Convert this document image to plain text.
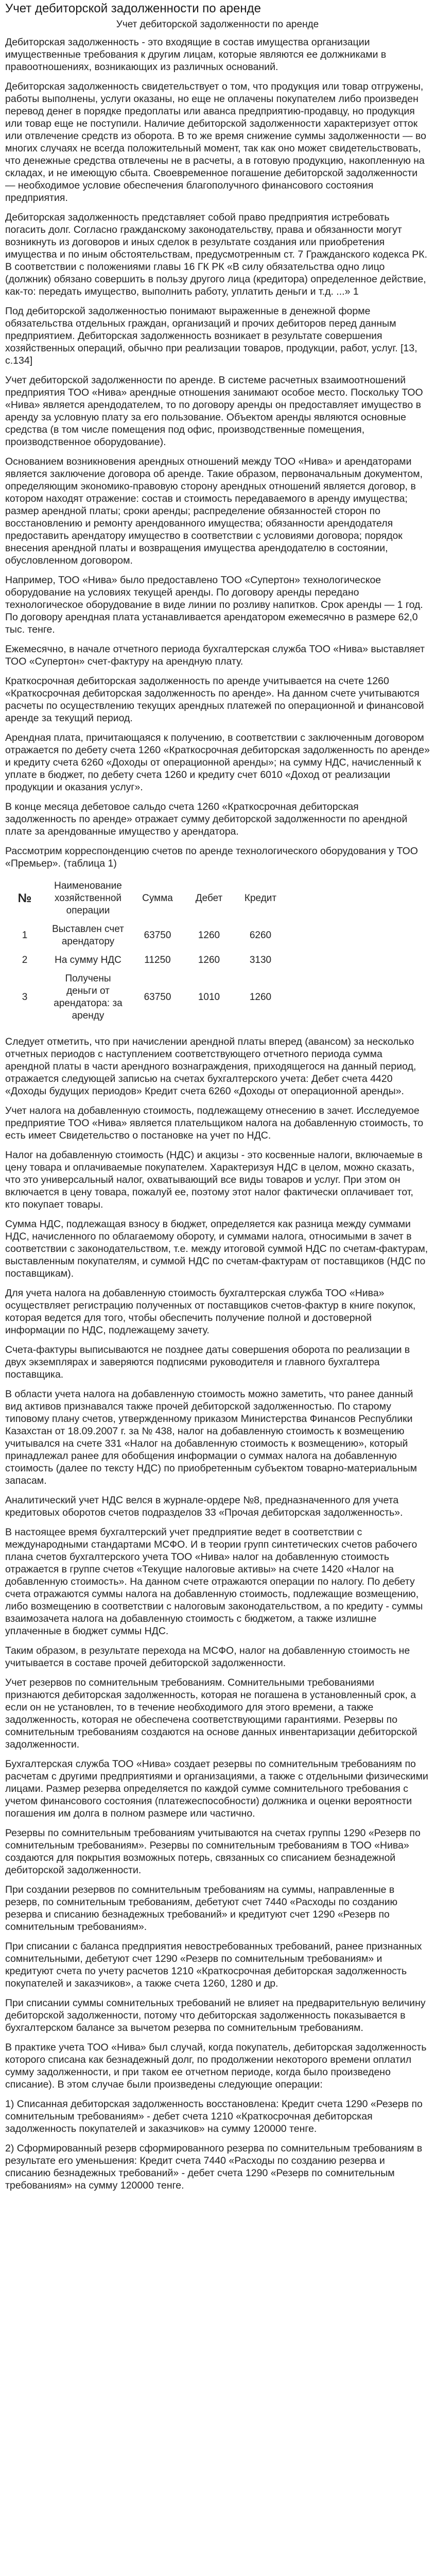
Учет дебиторской задолженности по аренде

Учет дебиторской задолженности по аренде

Дебиторская задолженность - это входящие в состав имущества организации имущественные требования к другим лицам, которые являются ее должниками в правоотношениях, возникающих из различных оснований.

Дебиторская задолженность свидетельствует о том, что продукция или товар отгружены, работы выполнены, услуги оказаны, но еще не оплачены покупателем либо произведен перевод денег в порядке предоплаты или аванса предприятию-продавцу, но продукция или товар еще не поступили. Наличие дебиторской задолженности характеризует отток или отвлечение средств из оборота. В то же время снижение суммы задолженности — во многих случаях не всегда положительный момент, так как оно может свидетельствовать, что денежные средства отвлечены не в расчеты, а в готовую продукцию, накопленную на складах, и не имеющую сбыта. Своевременное погашение дебиторской задолженности — необходимое условие обеспечения благополучного финансового состояния предприятия.

Дебиторская задолженность представляет собой право предприятия истребовать погасить долг. Согласно гражданскому законодательству, права и обязанности могут возникнуть из договоров и иных сделок в результате создания или приобретения имущества и по иным обстоятельствам, предусмотренным ст. 7 Гражданского кодекса РК. В соответствии с положениями главы 16 ГК РК «В силу обязательства одно лицо (должник) обязано совершить в пользу другого лица (кредитора) определенное действие, как-то: передать имущество, выполнить работу, уплатить деньги и т.д. ...» 1

Под дебиторской задолженностью понимают выраженные в денежной форме обязательства отдельных граждан, организаций и прочих дебиторов перед данным предприятием. Дебиторская задолженность возникает в результате совершения хозяйственных операций, обычно при реализации товаров, продукции, работ, услуг. [13, с.134]

Учет дебиторской задолженности по аренде. В системе расчетных взаимоотношений предприятия ТОО «Нива» арендные отношения занимают особое место. Поскольку ТОО «Нива» является арендодателем, то по договору аренды он предоставляет имущество в аренду за условную плату за его пользование. Объектом аренды являются основные средства (в том числе помещения под офис, производственные помещения, производственное оборудование).

Основанием возникновения арендных отношений между ТОО «Нива» и арендаторами является заключение договора об аренде. Такие образом, первоначальным документом, определяющим экономико-правовую сторону арендных отношений является договор, в котором находят отражение: состав и стоимость передаваемого в аренду имущества; размер арендной платы; сроки аренды; распределение обязанностей сторон по восстановлению и ремонту арендованного имущества; обязанности арендодателя предоставить арендатору имущество в соответствии с условиями договора; порядок внесения арендной платы и возвращения имущества арендодателю в состоянии, обусловленном договором.

Например, ТОО «Нива» было предоставлено ТОО «Супертон» технологическое оборудование на условиях текущей аренды. По договору аренды передано технологическое оборудование в виде линии по розливу напитков. Срок аренды — 1 год. По договору арендная плата устанавливается арендатором ежемесячно в размере 62,0 тыс. тенге.

Ежемесячно, в начале отчетного периода бухгалтерская служба ТОО «Нива» выставляет ТОО «Супертон» счет-фактуру на арендную плату.

Краткосрочная дебиторская задолженность по аренде учитывается на счете 1260 «Краткосрочная дебиторская задолженность по аренде». На данном счете учитываются расчеты по осуществлению текущих арендных платежей по операционной и финансовой аренде за текущий период.

Арендная плата, причитающаяся к получению, в соответствии с заключенным договором отражается по дебету счета 1260 «Краткосрочная дебиторская задолженность по аренде» и кредиту счета 6260 «Доходы от операционной аренды»; на сумму НДС, начисленный к уплате в бюджет, по дебету счета 1260 и кредиту счет 6010 «Доход от реализации продукции и оказания услуг».

В конце месяца дебетовое сальдо счета 1260 «Краткосрочная дебиторская задолженность по аренде» отражает сумму дебиторской задолженности по арендной плате за арендованные имущество у арендатора.

Рассмотрим корреспонденцию счетов по аренде технологического оборудования у ТОО «Премьер». (таблица 1)

№	Наименование хозяйственной операции	Сумма	Дебет	Кредит
1	Выставлен счет арендатору	63750	1260	6260
2	На сумму НДС	11250	1260	3130
3	Получены деньги от арендатора: за аренду	63750	1010	1260

Следует отметить, что при начислении арендной платы вперед (авансом) за несколько отчетных периодов с наступлением соответствующего отчетного периода сумма арендной платы в части арендного вознаграждения, приходящегося на данный период, отражается следующей записью на счетах бухгалтерского учета: Дебет счета 4420 «Доходы будущих периодов» Кредит счета 6260 «Доходы от операционной аренды».

Учет налога на добавленную стоимость, подлежащему отнесению в зачет. Исследуемое предприятие ТОО «Нива» является плательщиком налога на добавленную стоимость, то есть имеет Свидетельство о постановке на учет по НДС.

Налог на добавленную стоимость (НДС) и акцизы - это косвенные налоги, включаемые в цену товара и оплачиваемые покупателем. Характеризуя НДС в целом, можно сказать, что это универсальный налог, охватывающий все виды товаров и услуг. При этом он включается в цену товара, пожалуй ее, поэтому этот налог фактически оплачивает тот, кто покупает товары.

Сумма НДС, подлежащая взносу в бюджет, определяется как разница между суммами НДС, начисленного по облагаемому обороту, и суммами налога, относимыми в зачет в соответствии с законодательством, т.е. между итоговой суммой НДС по счетам-фактурам, выставленным покупателям, и суммой НДС по счетам-фактурам от поставщиков (НДС по поставщикам).

Для учета налога на добавленную стоимость бухгалтерская служба ТОО «Нива» осуществляет регистрацию полученных от поставщиков счетов-фактур в книге покупок, которая ведется для того, чтобы обеспечить получение полной и достоверной информации по НДС, подлежащему зачету.

Счета-фактуры выписываются не позднее даты совершения оборота по реализации в двух экземплярах и заверяются подписями руководителя и главного бухгалтера поставщика.

В области учета налога на добавленную стоимость можно заметить, что ранее данный вид активов признавался также прочей дебиторской задолженностью. По старому типовому плану счетов, утвержденному приказом Министерства Финансов Республики Казахстан от 18.09.2007 г. за № 438, налог на добавленную стоимость к возмещению учитывался на счете 331 «Налог на добавленную стоимость к возмещению», который принадлежал ранее для обобщения информации о суммах налога на добавленную стоимость (далее по тексту НДС) по приобретенным субъектом товарно-материальным запасам.

Аналитический учет НДС велся в журнале-ордере №8, предназначенного для учета кредитовых оборотов счетов подразделов 33 «Прочая дебиторская задолженность».

В настоящее время бухгалтерский учет предприятие ведет в соответствии с международными стандартами МСФО. И в теории групп синтетических счетов рабочего плана счетов бухгалтерского учета ТОО «Нива» налог на добавленную стоимость отражается в группе счетов «Текущие налоговые активы» на счете 1420 «Налог на добавленную стоимость». На данном счете отражаются операции по налогу. По дебету счета отражаются суммы налога на добавленную стоимость, подлежащие возмещению, либо возмещению в соответствии с налоговым законодательством, а по кредиту - суммы взаимозачета налога на добавленную стоимость с бюджетом, а также излишне уплаченные в бюджет суммы НДС.

Таким образом, в результате перехода на МСФО, налог на добавленную стоимость не учитывается в составе прочей дебиторской задолженности.

Учет резервов по сомнительным требованиям. Сомнительными требованиями признаются дебиторская задолженность, которая не погашена в установленный срок, а если он не установлен, то в течение необходимого для этого времени, а также задолженность, которая не обеспечена соответствующими гарантиями. Резервы по сомнительным требованиям создаются на основе данных инвентаризации дебиторской задолженности.

Бухгалтерская служба ТОО «Нива» создает резервы по сомнительным требованиям по расчетам с другими предприятиями и организациями, а также с отдельными физическими лицами. Размер резерва определяется по каждой сумме сомнительного требования с учетом финансового состояния (платежеспособности) должника и оценки вероятности погашения им долга в полном размере или частично.

Резервы по сомнительным требованиям учитываются на счетах группы 1290 «Резерв по сомнительным требованиям». Резервы по сомнительным требованиям в ТОО «Нива» создаются для покрытия возможных потерь, связанных со списанием безнадежной дебиторской задолженности.

При создании резервов по сомнительным требованиям на суммы, направленные в резерв, по сомнительным требованиям, дебетуют счет 7440 «Расходы по созданию резерва и списанию безнадежных требований» и кредитуют счет 1290 «Резерв по сомнительным требованиям».

При списании с баланса предприятия невостребованных требований, ранее признанных сомнительными, дебетуют счет 1290 «Резерв по сомнительным требованиям» и кредитуют счета по учету расчетов 1210 «Краткосрочная дебиторская задолженность покупателей и заказчиков», а также счета 1260, 1280 и др.

При списании суммы сомнительных требований не влияет на предварительную величину дебиторской задолженности, потому что дебиторская задолженность показывается в бухгалтерском балансе за вычетом резерва по сомнительным требованиям.

В практике учета ТОО «Нива» был случай, когда покупатель, дебиторская задолженность которого списана как безнадежный долг, по продолжении некоторого времени оплатил сумму задолженности, и при таком ее отчетном периоде, когда было произведено списание). В этом случае были произведены следующие операции:

1) Списанная дебиторская задолженность восстановлена: Кредит счета 1290 «Резерв по сомнительным требованиям» - дебет счета 1210 «Краткосрочная дебиторская задолженность покупателей и заказчиков» на сумму 120000 тенге.

2) Сформированный резерв сформированного резерва по сомнительным требованиям в результате его уменьшения: Кредит счета 7440 «Расходы по созданию резерва и списанию безнадежных требований» - дебет счета 1290 «Резерв по сомнительным требованиям» на сумму 120000 тенге.
